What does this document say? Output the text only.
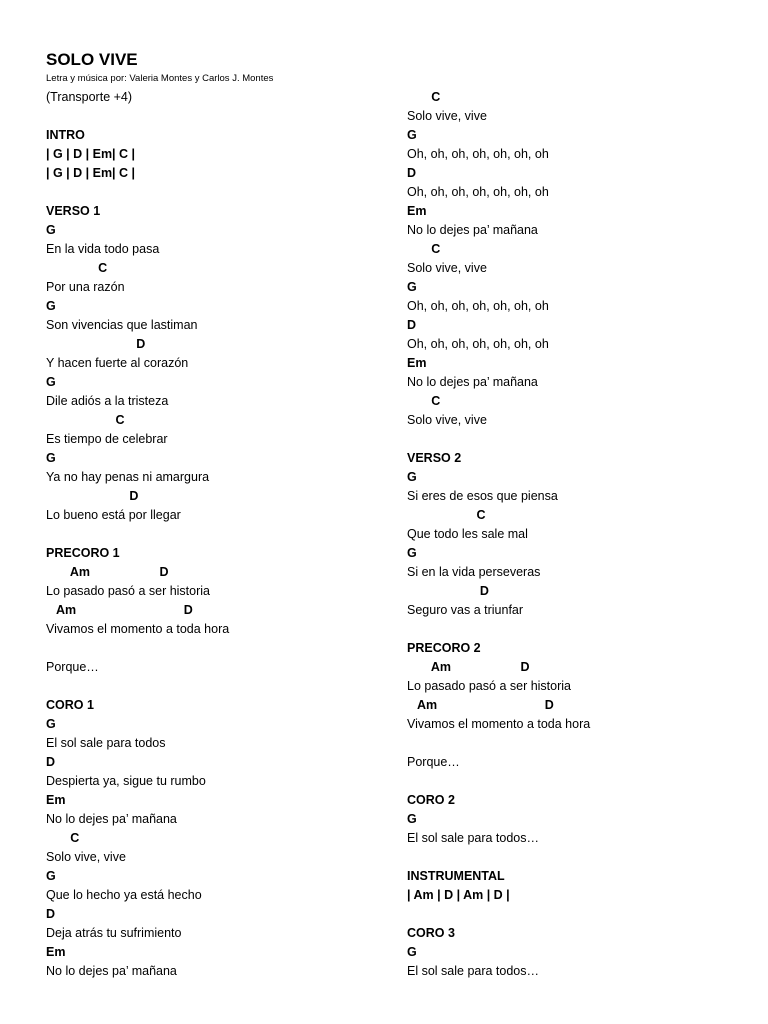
SOLO VIVE
Letra y música por: Valeria Montes y Carlos J. Montes
(Transporte +4)
INTRO
| G | D | Em| C |
| G | D | Em| C |
VERSO 1
G
En la vida todo pasa
C
Por una razón
G
Son vivencias que lastiman
D
Y hacen fuerte al corazón
G
Dile adiós a la tristeza
C
Es tiempo de celebrar
G
Ya no hay penas ni amargura
D
Lo bueno está por llegar
PRECORO 1
Am                    D
Lo pasado pasó a ser historia
Am                               D
Vivamos el momento a toda hora
Porque…
CORO 1
G
El sol sale para todos
D
Despierta ya, sigue tu rumbo
Em
No lo dejes pa’ mañana
C
Solo vive, vive
G
Que lo hecho ya está hecho
D
Deja atrás tu sufrimiento
Em
No lo dejes pa’ mañana
C
Solo vive, vive
G
Oh, oh, oh, oh, oh, oh, oh
D
Oh, oh, oh, oh, oh, oh, oh
Em
No lo dejes pa’ mañana
C
Solo vive, vive
G
Oh, oh, oh, oh, oh, oh, oh
D
Oh, oh, oh, oh, oh, oh, oh
Em
No lo dejes pa’ mañana
C
Solo vive, vive
VERSO 2
G
Si eres de esos que piensa
C
Que todo les sale mal
G
Si en la vida perseveras
D
Seguro vas a triunfar
PRECORO 2
Am                    D
Lo pasado pasó a ser historia
Am                               D
Vivamos el momento a toda hora
Porque…
CORO 2
G
El sol sale para todos…
INSTRUMENTAL
| Am | D | Am | D |
CORO 3
G
El sol sale para todos…
